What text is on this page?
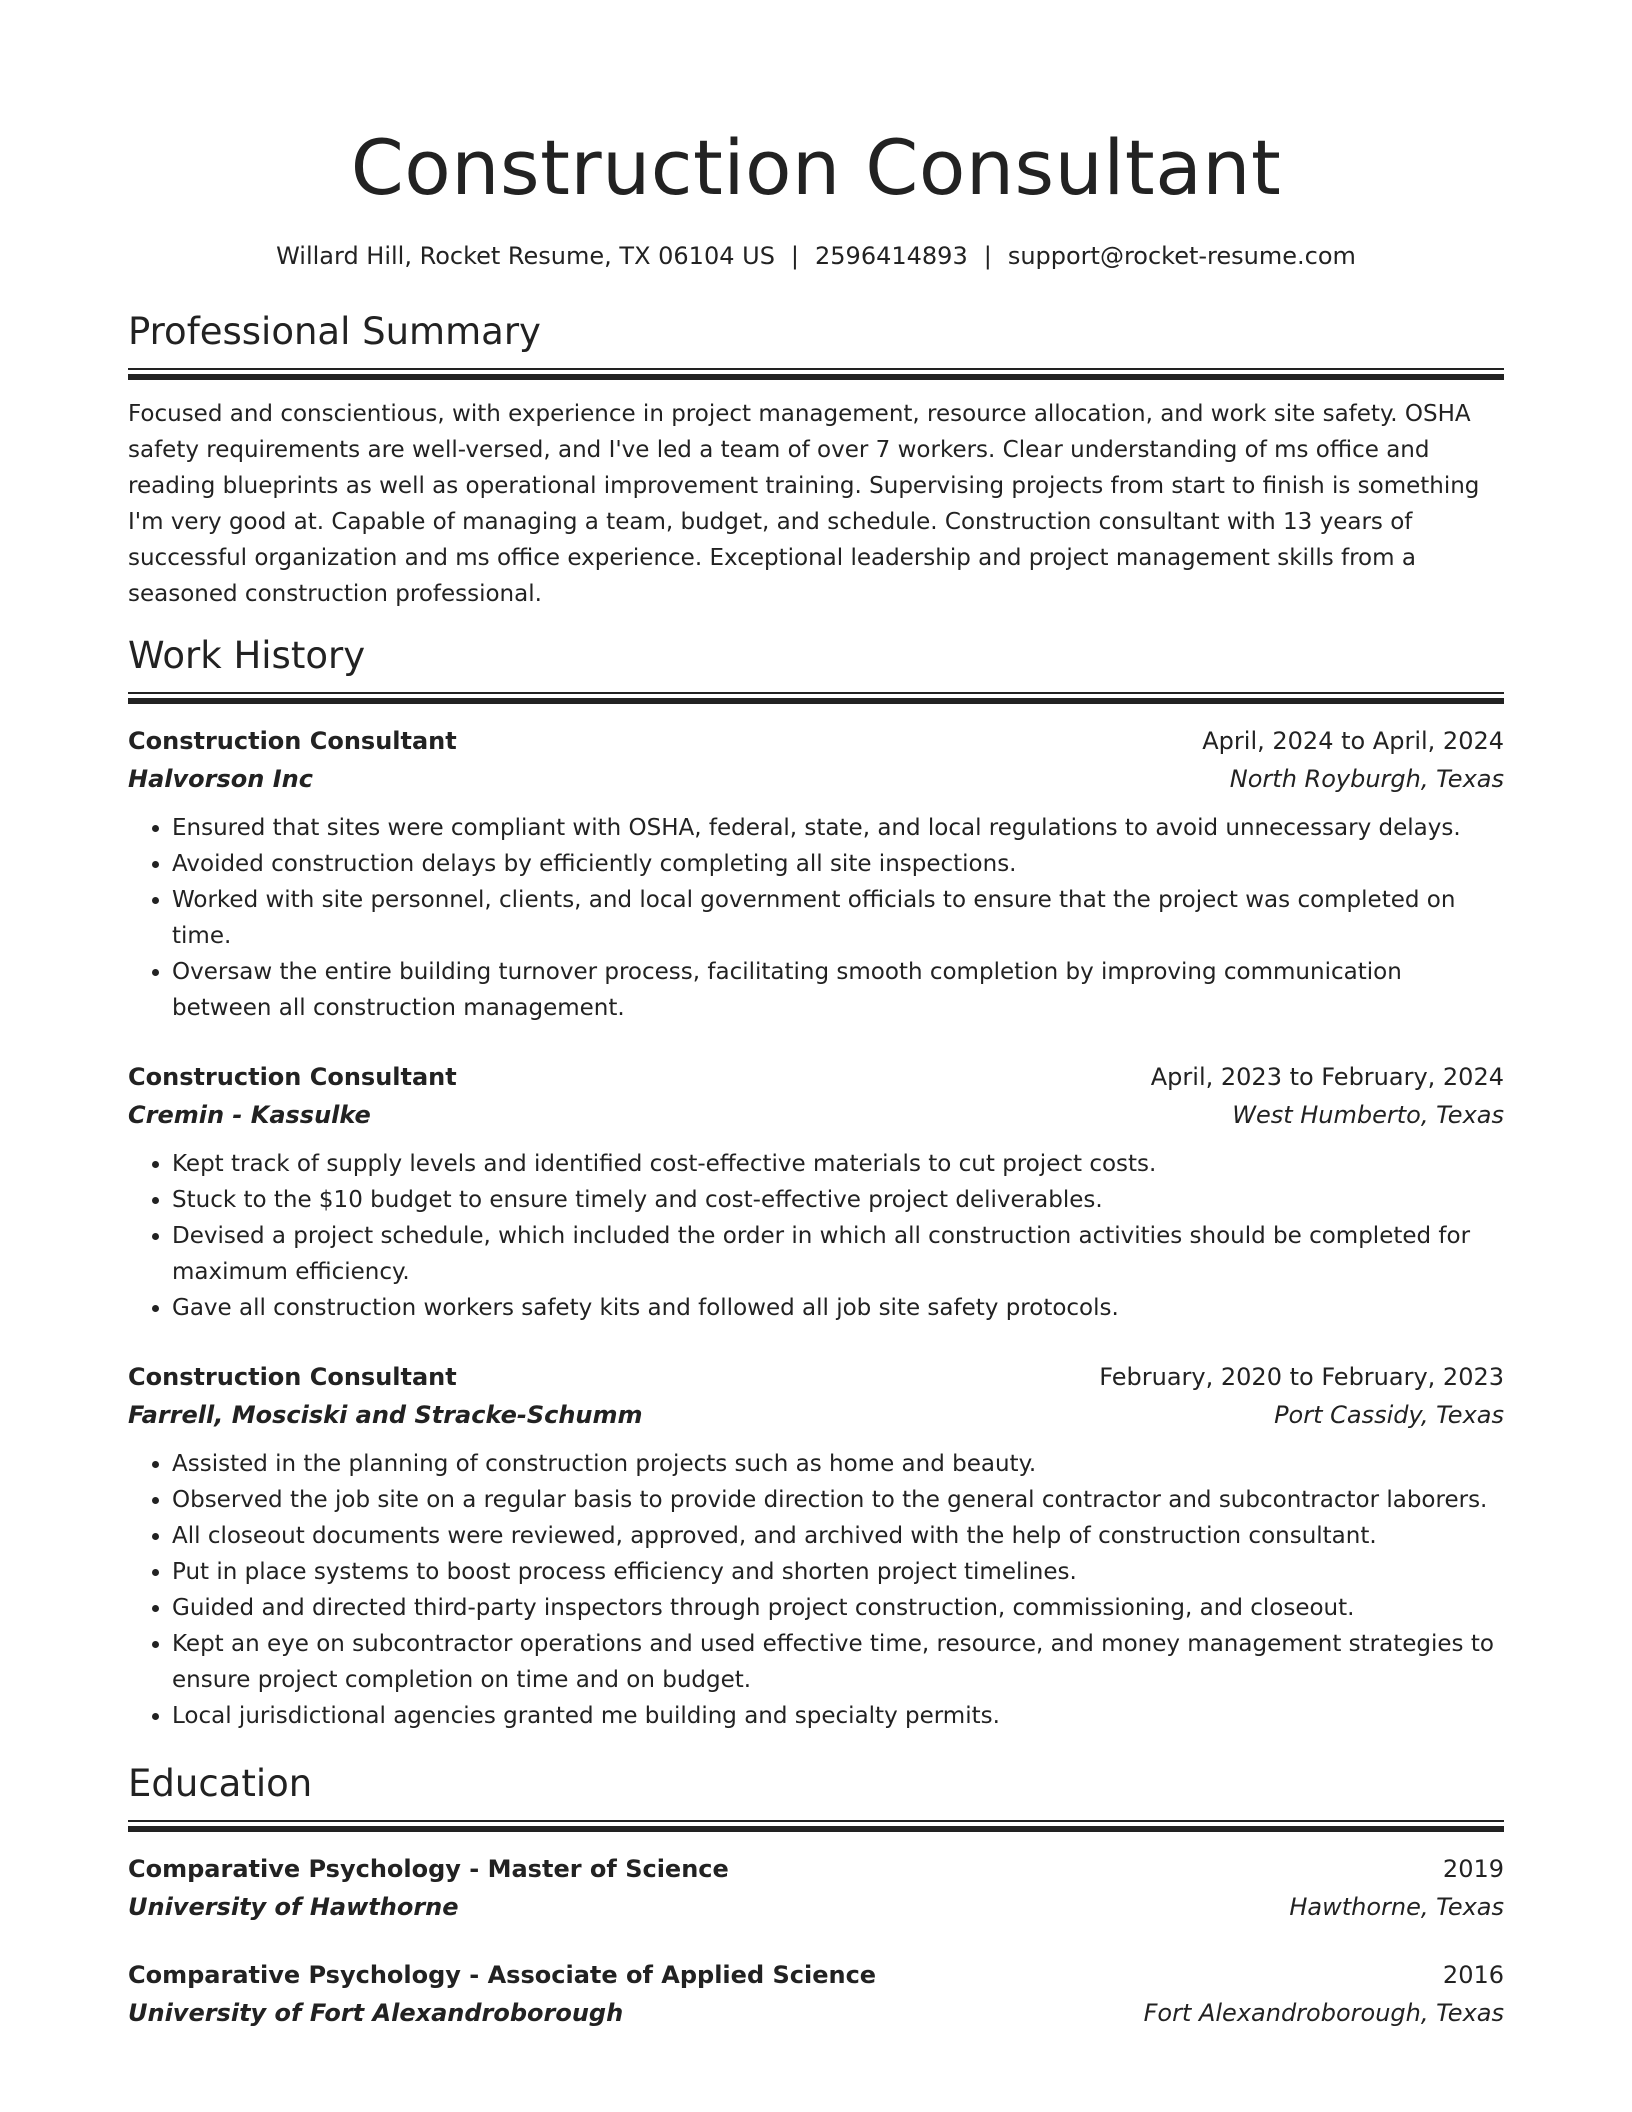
Construction Consultant
Willard Hill, Rocket Resume, TX 06104 US | 2596414893 | support@rocket-resume.com
Professional Summary

Focused and conscientious, with experience in project management, resource allocation, and work site safety. OSHA safety requirements are well-versed, and I've led a team of over 7 workers. Clear understanding of ms office and reading blueprints as well as operational improvement training. Supervising projects from start to finish is something I'm very good at. Capable of managing a team, budget, and schedule. Construction consultant with 13 years of successful organization and ms office experience. Exceptional leadership and project management skills from a seasoned construction professional.

Work History
Construction Consultant	April, 2024 to April, 2024
Halvorson Inc	North Royburgh, Texas
• Ensured that sites were compliant with OSHA, federal, state, and local regulations to avoid unnecessary delays.
• Avoided construction delays by efficiently completing all site inspections.
• Worked with site personnel, clients, and local government officials to ensure that the project was completed on time.
• Oversaw the entire building turnover process, facilitating smooth completion by improving communication between all construction management.
Construction Consultant	April, 2023 to February, 2024
Cremin - Kassulke	West Humberto, Texas
• Kept track of supply levels and identified cost-effective materials to cut project costs.
• Stuck to the $10 budget to ensure timely and cost-effective project deliverables.
• Devised a project schedule, which included the order in which all construction activities should be completed for maximum efficiency.
• Gave all construction workers safety kits and followed all job site safety protocols.
Construction Consultant	February, 2020 to February, 2023
Farrell, Mosciski and Stracke-Schumm	Port Cassidy, Texas
• Assisted in the planning of construction projects such as home and beauty.
• Observed the job site on a regular basis to provide direction to the general contractor and subcontractor laborers.
• All closeout documents were reviewed, approved, and archived with the help of construction consultant.
• Put in place systems to boost process efficiency and shorten project timelines.
• Guided and directed third-party inspectors through project construction, commissioning, and closeout.
• Kept an eye on subcontractor operations and used effective time, resource, and money management strategies to ensure project completion on time and on budget.
• Local jurisdictional agencies granted me building and specialty permits.
Education
Comparative Psychology - Master of Science	2019
University of Hawthorne	Hawthorne, Texas
Comparative Psychology - Associate of Applied Science	2016
University of Fort Alexandroborough	Fort Alexandroborough, Texas
